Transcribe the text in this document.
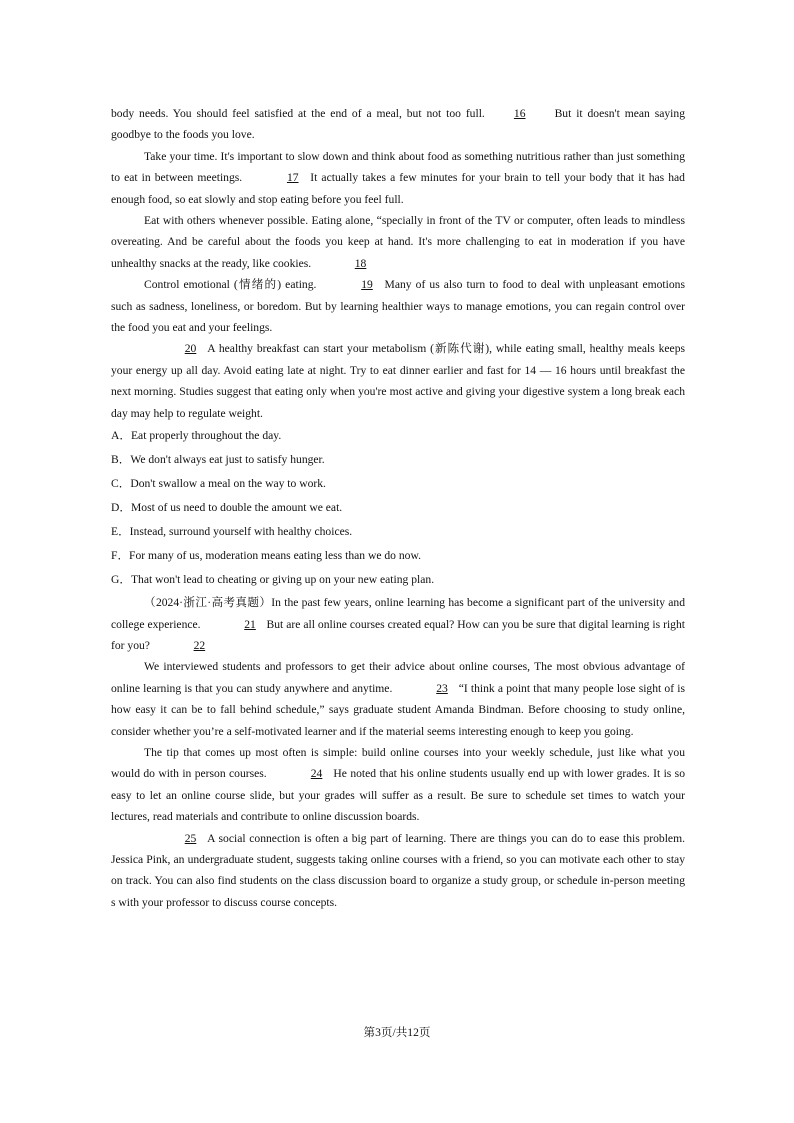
body needs. You should feel satisfied at the end of a meal, but not too full. 16 But it doesn't mean saying goodbye to the foods you love.

Take your time. It's important to slow down and think about food as something nutritious rather than just something to eat in between meetings.	17 It actually takes a few minutes for your brain to tell your body that it has had enough food, so eat slowly and stop eating before you feel full.

Eat with others whenever possible. Eating alone, “specially in front of the TV or computer, often leads to mindless overeating. And be careful about the foods you keep at hand. It's more challenging to eat in moderation if you have unhealthy snacks at the ready, like cookies.	18

Control emotional (情绪的) eating.	19 Many of us also turn to food to deal with unpleasant emotions such as sadness, loneliness, or boredom. But by learning healthier ways to manage emotions, you can regain control over the food you eat and your feelings.

20 A healthy breakfast can start your metabolism (新陈代谢), while eating small, healthy meals keeps your energy up all day. Avoid eating late at night. Try to eat dinner earlier and fast for 14 — 16 hours until breakfast the next morning. Studies suggest that eating only when you're most active and giving your digestive system a long break each day may help to regulate weight.

A．Eat properly throughout the day.

B．We don't always eat just to satisfy hunger.

C．Don't swallow a meal on the way to work.

D．Most of us need to double the amount we eat.

E．Instead, surround yourself with healthy choices.

F．For many of us, moderation means eating less than we do now.

G．That won't lead to cheating or giving up on your new eating plan.

（2024·浙江·高考真题）In the past few years, online learning has become a significant part of the university and college experience.	21 But are all online courses created equal? How can you be sure that digital learning is right for you?	22

We interviewed students and professors to get their advice about online courses, The most obvious advantage of online learning is that you can study anywhere and anytime.	23 “I think a point that many people lose sight of is how easy it can be to fall behind schedule,” says graduate student Amanda Bindman. Before choosing to study online, consider whether you’re a self-motivated learner and if the material seems interesting enough to keep you going.

The tip that comes up most often is simple: build online courses into your weekly schedule, just like what you would do with in person courses.	24 He noted that his online students usually end up with lower grades. It is so easy to let an online course slide, but your grades will suffer as a result. Be sure to schedule set times to watch your lectures, read materials and contribute to online discussion boards.

25 A social connection is often a big part of learning. There are things you can do to ease this problem. Jessica Pink, an undergraduate student, suggests taking online courses with a friend, so you can motivate each other to stay on track. You can also find students on the class discussion board to organize a study group, or schedule in-person meeting s with your professor to discuss course concepts.

第3页/共12页
